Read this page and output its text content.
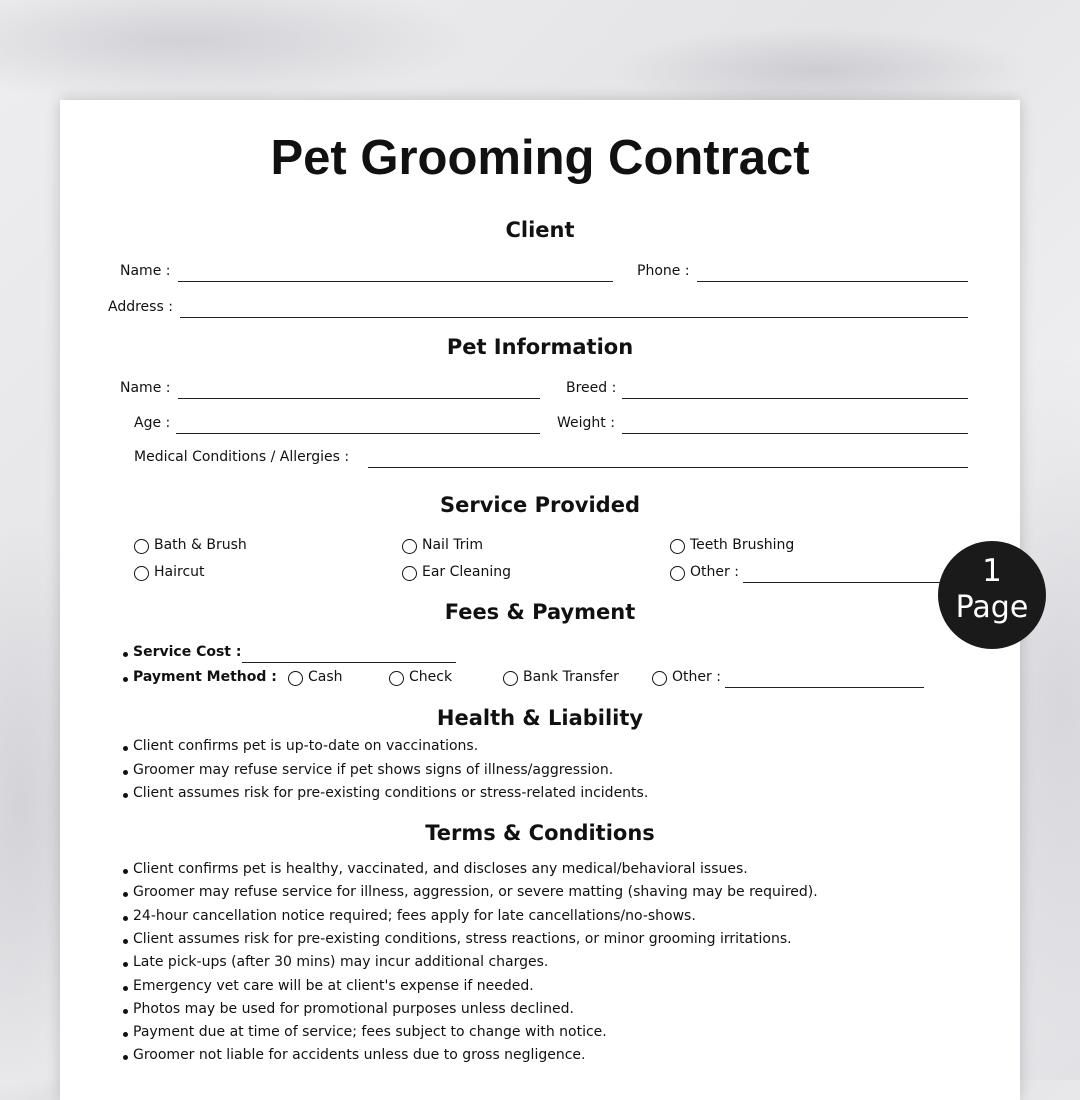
Pet Grooming Contract
Client
Name :	Phone :
Address :
Pet Information
Name :	Breed :
Age :	Weight :
Medical Conditions / Allergies :
Service Provided
Bath & Brush	Nail Trim	Teeth Brushing
Haircut	Ear Cleaning	Other :
Fees & Payment
Service Cost :
Payment Method : Cash	Check	Bank Transfer	Other :
Health & Liability
Client confirms pet is up-to-date on vaccinations.
Groomer may refuse service if pet shows signs of illness/aggression.
Client assumes risk for pre-existing conditions or stress-related incidents.
Terms & Conditions
Client confirms pet is healthy, vaccinated, and discloses any medical/behavioral issues.
Groomer may refuse service for illness, aggression, or severe matting (shaving may be required).
24-hour cancellation notice required; fees apply for late cancellations/no-shows.
Client assumes risk for pre-existing conditions, stress reactions, or minor grooming irritations.
Late pick-ups (after 30 mins) may incur additional charges.
Emergency vet care will be at client's expense if needed.
Photos may be used for promotional purposes unless declined.
Payment due at time of service; fees subject to change with notice.
Groomer not liable for accidents unless due to gross negligence.
1
Page
